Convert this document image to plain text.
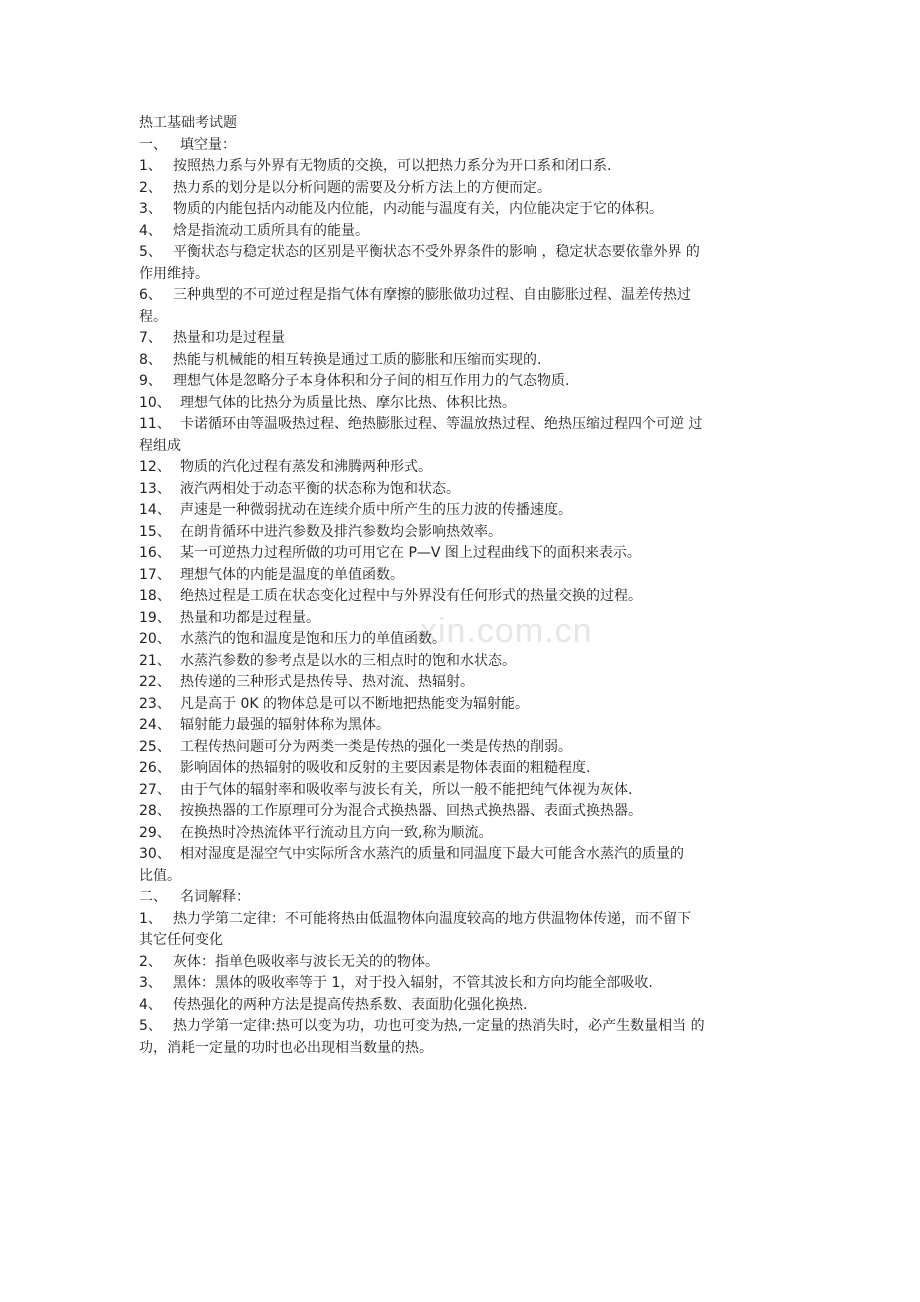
xin.com.cn
热工基础考试题
一、 填空量：
1、 按照热力系与外界有无物质的交换，可以把热力系分为开口系和闭口系.
2、 热力系的划分是以分析问题的需要及分析方法上的方便而定。
3、 物质的内能包括内动能及内位能，内动能与温度有关，内位能决定于它的体积。
4、 焓是指流动工质所具有的能量。
5、 平衡状态与稳定状态的区别是平衡状态不受外界条件的影响 ，稳定状态要依靠外界 的
作用维持。
6、 三种典型的不可逆过程是指气体有摩擦的膨胀做功过程、自由膨胀过程、温差传热过
程。
7、 热量和功是过程量
8、 热能与机械能的相互转换是通过工质的膨胀和压缩而实现的.
9、 理想气体是忽略分子本身体积和分子间的相互作用力的气态物质.
10、 理想气体的比热分为质量比热、摩尔比热、体积比热。
11、 卡诺循环由等温吸热过程、绝热膨胀过程、等温放热过程、绝热压缩过程四个可逆 过
程组成
12、 物质的汽化过程有蒸发和沸腾两种形式。
13、 液汽两相处于动态平衡的状态称为饱和状态。
14、 声速是一种微弱扰动在连续介质中所产生的压力波的传播速度。
15、 在朗肯循环中进汽参数及排汽参数均会影响热效率。
16、 某一可逆热力过程所做的功可用它在 P—V 图上过程曲线下的面积来表示。
17、 理想气体的内能是温度的单值函数。
18、 绝热过程是工质在状态变化过程中与外界没有任何形式的热量交换的过程。
19、 热量和功都是过程量。
20、 水蒸汽的饱和温度是饱和压力的单值函数。
21、 水蒸汽参数的参考点是以水的三相点时的饱和水状态。
22、 热传递的三种形式是热传导、热对流、热辐射。
23、 凡是高于 0K 的物体总是可以不断地把热能变为辐射能。
24、 辐射能力最强的辐射体称为黑体。
25、 工程传热问题可分为两类一类是传热的强化一类是传热的削弱。
26、 影响固体的热辐射的吸收和反射的主要因素是物体表面的粗糙程度.
27、 由于气体的辐射率和吸收率与波长有关，所以一般不能把纯气体视为灰体.
28、 按换热器的工作原理可分为混合式换热器、回热式换热器、表面式换热器。
29、 在换热时冷热流体平行流动且方向一致,称为顺流。
30、 相对湿度是湿空气中实际所含水蒸汽的质量和同温度下最大可能含水蒸汽的质量的
比值。
二、 名词解释：
1、 热力学第二定律：不可能将热由低温物体向温度较高的地方供温物体传递，而不留下
其它任何变化
2、 灰体：指单色吸收率与波长无关的的物体。
3、 黑体：黑体的吸收率等于 1，对于投入辐射，不管其波长和方向均能全部吸收.
4、 传热强化的两种方法是提高传热系数、表面肋化强化换热.
5、 热力学第一定律:热可以变为功，功也可变为热,一定量的热消失时，必产生数量相当 的
功，消耗一定量的功时也必出现相当数量的热。
